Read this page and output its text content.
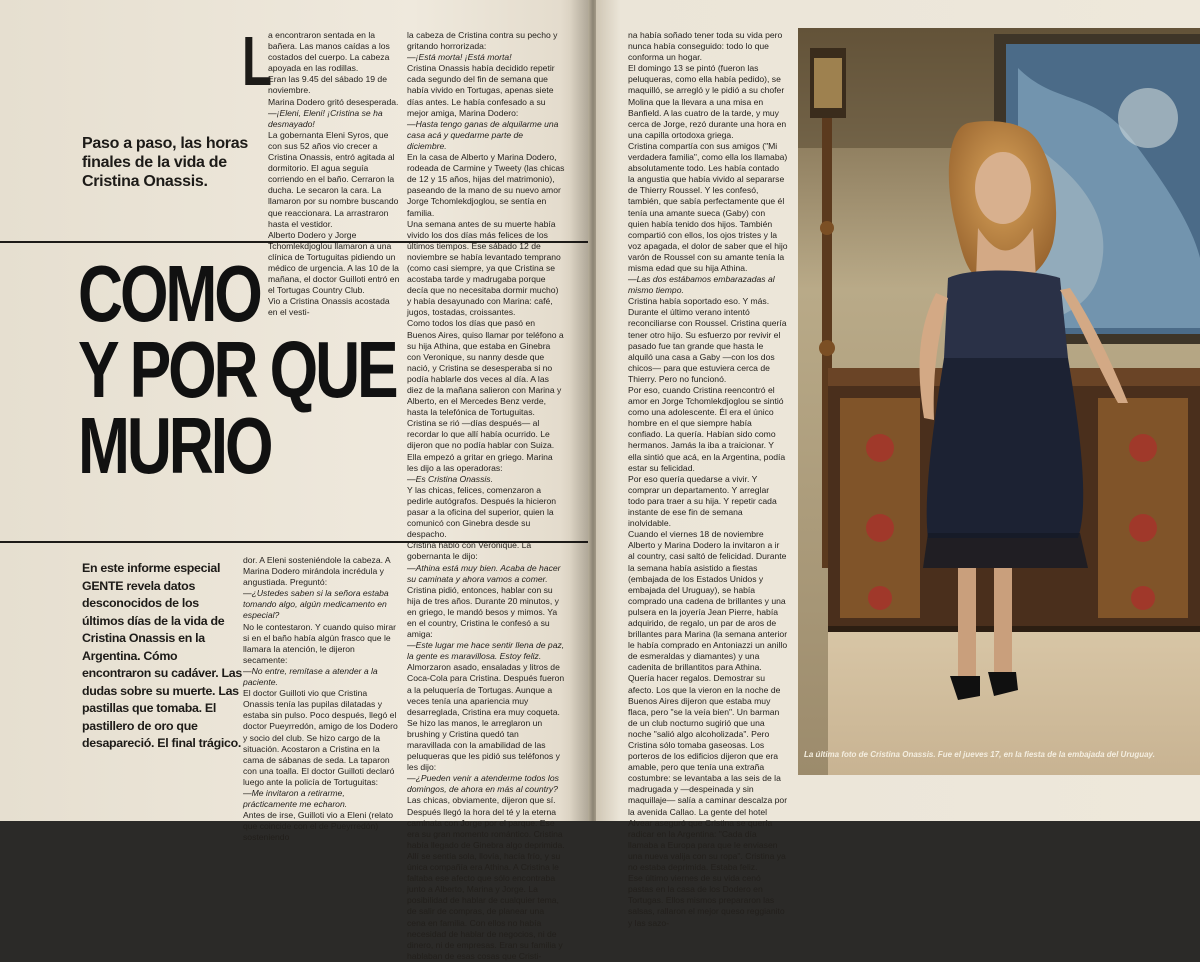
Paso a paso, las horas finales de la vida de Cristina Onassis.
COMO
Y POR QUE
MURIO
En este informe especial GENTE revela datos desconocidos de los últimos días de la vida de Cristina Onassis en la Argentina. Cómo encontraron su cadáver. Las dudas sobre su muerte. Las pastillas que tomaba. El pastillero de oro que desapareció. El final trágico.
L

a encontraron sentada en la bañera. Las manos caídas a los costados del cuerpo. La cabeza apoyada en las rodillas.

Eran las 9.45 del sábado 19 de noviembre.

Marina Dodero gritó desesperada.

—¡Eleni, Eleni! ¡Cristina se ha desmayado!

La gobernanta Eleni Syros, que con sus 52 años vio crecer a Cristina Onassis, entró agitada al dormitorio. El agua seguía corriendo en el baño. Cerraron la ducha. Le secaron la cara. La llamaron por su nombre buscando que reaccionara. La arrastraron hasta el vestidor.

Alberto Dodero y Jorge Tchomlekdjoglou llamaron a una clínica de Tortuguitas pidiendo un médico de urgencia. A las 10 de la mañana, el doctor Guilloti entró en el Tortugas Country Club.

Vio a Cristina Onassis acostada en el vesti-

dor. A Eleni sosteniéndole la cabeza. A Marina Dodero mirándola incrédula y angustiada. Preguntó:

—¿Ustedes saben si la señora estaba tomando algo, algún medicamento en especial?

No le contestaron. Y cuando quiso mirar si en el baño había algún frasco que le llamara la atención, le dijeron secamente:

—No entre, remítase a atender a la paciente.

El doctor Guilloti vio que Cristina Onassis tenía las pupilas dilatadas y estaba sin pulso. Poco después, llegó el doctor Pueyrredón, amigo de los Dodero y socio del club. Se hizo cargo de la situación. Acostaron a Cristina en la cama de sábanas de seda. La taparon con una toalla. El doctor Guilloti declaró luego ante la policía de Tortuguitas:

—Me invitaron a retirarme, prácticamente me echaron.

Antes de irse, Guilloti vio a Eleni (relato que coincide con el de Pueyrredón) sosteniendo

la cabeza de Cristina contra su pecho y gritando horrorizada:

—¡Está morta! ¡Está morta!

Cristina Onassis había decidido repetir cada segundo del fin de semana que había vivido en Tortugas, apenas siete días antes. Le había confesado a su mejor amiga, Marina Dodero:

—Hasta tengo ganas de alquilarme una casa acá y quedarme parte de diciembre.

En la casa de Alberto y Marina Dodero, rodeada de Carmine y Tweety (las chicas de 12 y 15 años, hijas del matrimonio), paseando de la mano de su nuevo amor Jorge Tchomlekdjoglou, se sentía en familia.

Una semana antes de su muerte había vivido los dos días más felices de los últimos tiempos. Ese sábado 12 de noviembre se había levantado temprano (como casi siempre, ya que Cristina se acostaba tarde y madrugaba porque decía que no necesitaba dormir mucho) y había desayunado con Marina: café, jugos, tostadas, croissantes.

Como todos los días que pasó en Buenos Aires, quiso llamar por teléfono a su hija Athina, que estaba en Ginebra con Veronique, su nanny desde que nació, y Cristina se desesperaba si no podía hablarle dos veces al día. A las diez de la mañana salieron con Marina y Alberto, en el Mercedes Benz verde, hasta la telefónica de Tortuguitas. Cristina se rió —días después— al recordar lo que allí había ocurrido. Le dijeron que no podía hablar con Suiza. Ella empezó a gritar en griego. Marina les dijo a las operadoras:

—Es Cristina Onassis.

Y las chicas, felices, comenzaron a pedirle autógrafos. Después la hicieron pasar a la oficina del superior, quien la comunicó con Ginebra desde su despacho.

Cristina habló con Veronique. La gobernanta le dijo:

—Athina está muy bien. Acaba de hacer su caminata y ahora vamos a comer.

Cristina pidió, entonces, hablar con su hija de tres años. Durante 20 minutos, y en griego, le mandó besos y mimos. Ya en el country, Cristina le confesó a su amiga:

—Este lugar me hace sentir llena de paz, la gente es maravillosa. Estoy feliz.

Almorzaron asado, ensaladas y litros de Coca-Cola para Cristina. Después fueron a la peluquería de Tortugas. Aunque a veces tenía una apariencia muy desarreglada, Cristina era muy coqueta. Se hizo las manos, le arreglaron un brushing y Cristina quedó tan maravillada con la amabilidad de las peluqueras que les pidió sus teléfonos y les dijo:

—¿Pueden venir a atenderme todos los domingos, de ahora en más al country?

Las chicas, obviamente, dijeron que sí.

Después llegó la hora del té y la eterna caminata con Jorge por el parque. Ese era su gran momento romántico. Cristina había llegado de Ginebra algo deprimida. Allí se sentía sola, llovía, hacía frío, y su única compañía era Athina. A Cristina le faltaba ese afecto que sólo encontraba junto a Alberto, Marina y Jorge. La posibilidad de hablar de cualquier tema, de salir de compras, de planear una cena en familia. Con ellos no había necesidad de hablar de negocios, ni de dinero, ni de empresas. Eran su familia y hablaban de esas cosas que Cristi-

na había soñado tener toda su vida pero nunca había conseguido: todo lo que conforma un hogar.

El domingo 13 se pintó (fueron las peluqueras, como ella había pedido), se maquilló, se arregló y le pidió a su chofer Molina que la llevara a una misa en Banfield. A las cuatro de la tarde, y muy cerca de Jorge, rezó durante una hora en una capilla ortodoxa griega.

Cristina compartía con sus amigos ("Mi verdadera familia", como ella los llamaba) absolutamente todo. Les había contado la angustia que había vivido al separarse de Thierry Roussel. Y les confesó, también, que sabía perfectamente que él tenía una amante sueca (Gaby) con quien había tenido dos hijos. También compartió con ellos, los ojos tristes y la voz apagada, el dolor de saber que el hijo varón de Roussel con su amante tenía la misma edad que su hija Athina.

—Las dos estábamos embarazadas al mismo tiempo.

Cristina había soportado eso. Y más. Durante el último verano intentó reconciliarse con Roussel. Cristina quería tener otro hijo. Su esfuerzo por revivir el pasado fue tan grande que hasta le alquiló una casa a Gaby —con los dos chicos— para que estuviera cerca de Thierry. Pero no funcionó.

Por eso, cuando Cristina reencontró el amor en Jorge Tchomlekdjoglou se sintió como una adolescente. Él era el único hombre en el que siempre había confiado. La quería. Habían sido como hermanos. Jamás la iba a traicionar. Y ella sintió que acá, en la Argentina, podía estar su felicidad.

Por eso quería quedarse a vivir. Y comprar un departamento. Y arreglar todo para traer a su hija. Y repetir cada instante de ese fin de semana inolvidable.

Cuando el viernes 18 de noviembre Alberto y Marina Dodero la invitaron a ir al country, casi saltó de felicidad. Durante la semana había asistido a fiestas (embajada de los Estados Unidos y embajada del Uruguay), se había comprado una cadena de brillantes y una pulsera en la joyería Jean Pierre, había adquirido, de regalo, un par de aros de brillantes para Marina (la semana anterior le había comprado en Antoniazzi un anillo de esmeraldas y diamantes) y una cadenita de brillantitos para Athina. Quería hacer regalos. Demostrar su afecto. Los que la vieron en la noche de Buenos Aires dijeron que estaba muy flaca, pero "se la veía bien". Un barman de un club nocturno sugirió que una noche "salió algo alcoholizada". Pero Cristina sólo tomaba gaseosas. Los porteros de los edificios dijeron que era amable, pero que tenía una extraña costumbre: se levantaba a las seis de la madrugada y —despeinada y sin maquillaje— salía a caminar descalza por la avenida Callao. La gente del hotel Alvear aseguró que Cristina se quería radicar en la Argentina: "Cada día llamaba a Europa para que le enviasen una nueva valija con su ropa". Cristina ya no estaba deprimida. Estaba feliz.

Ese último viernes de su vida cenó pastas en la casa de los Dodero en Tortugas. Ellos mismos prepararon las salsas, rallaron el mejor queso reggianito y las sazo-

La última foto de Cristina Onassis. Fue el jueves 17, en la fiesta de la embajada del Uruguay.
